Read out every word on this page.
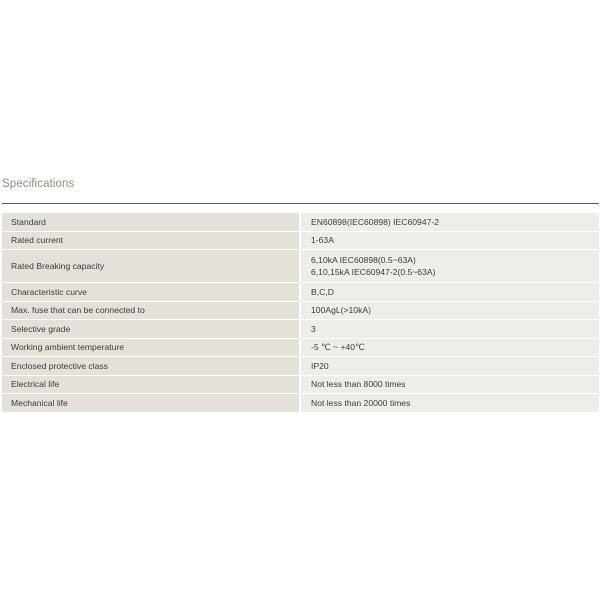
Specifications
Standard	EN60898(IEC60898) IEC60947-2
Rated current	1-63A
Rated Breaking capacity	6,10kA IEC60898(0.5~63A)
6,10,15kA IEC60947-2(0.5~63A)

Characteristic curve	B,C,D
Max. fuse that can be connected to	100AgL(>10kA)
Selective grade	3
Working ambient temperature	-5 ℃ ~ +40℃
Enclosed protective class	IP20
Electrical life	Not less than 8000 times
Mechanical life	Not less than 20000 times
